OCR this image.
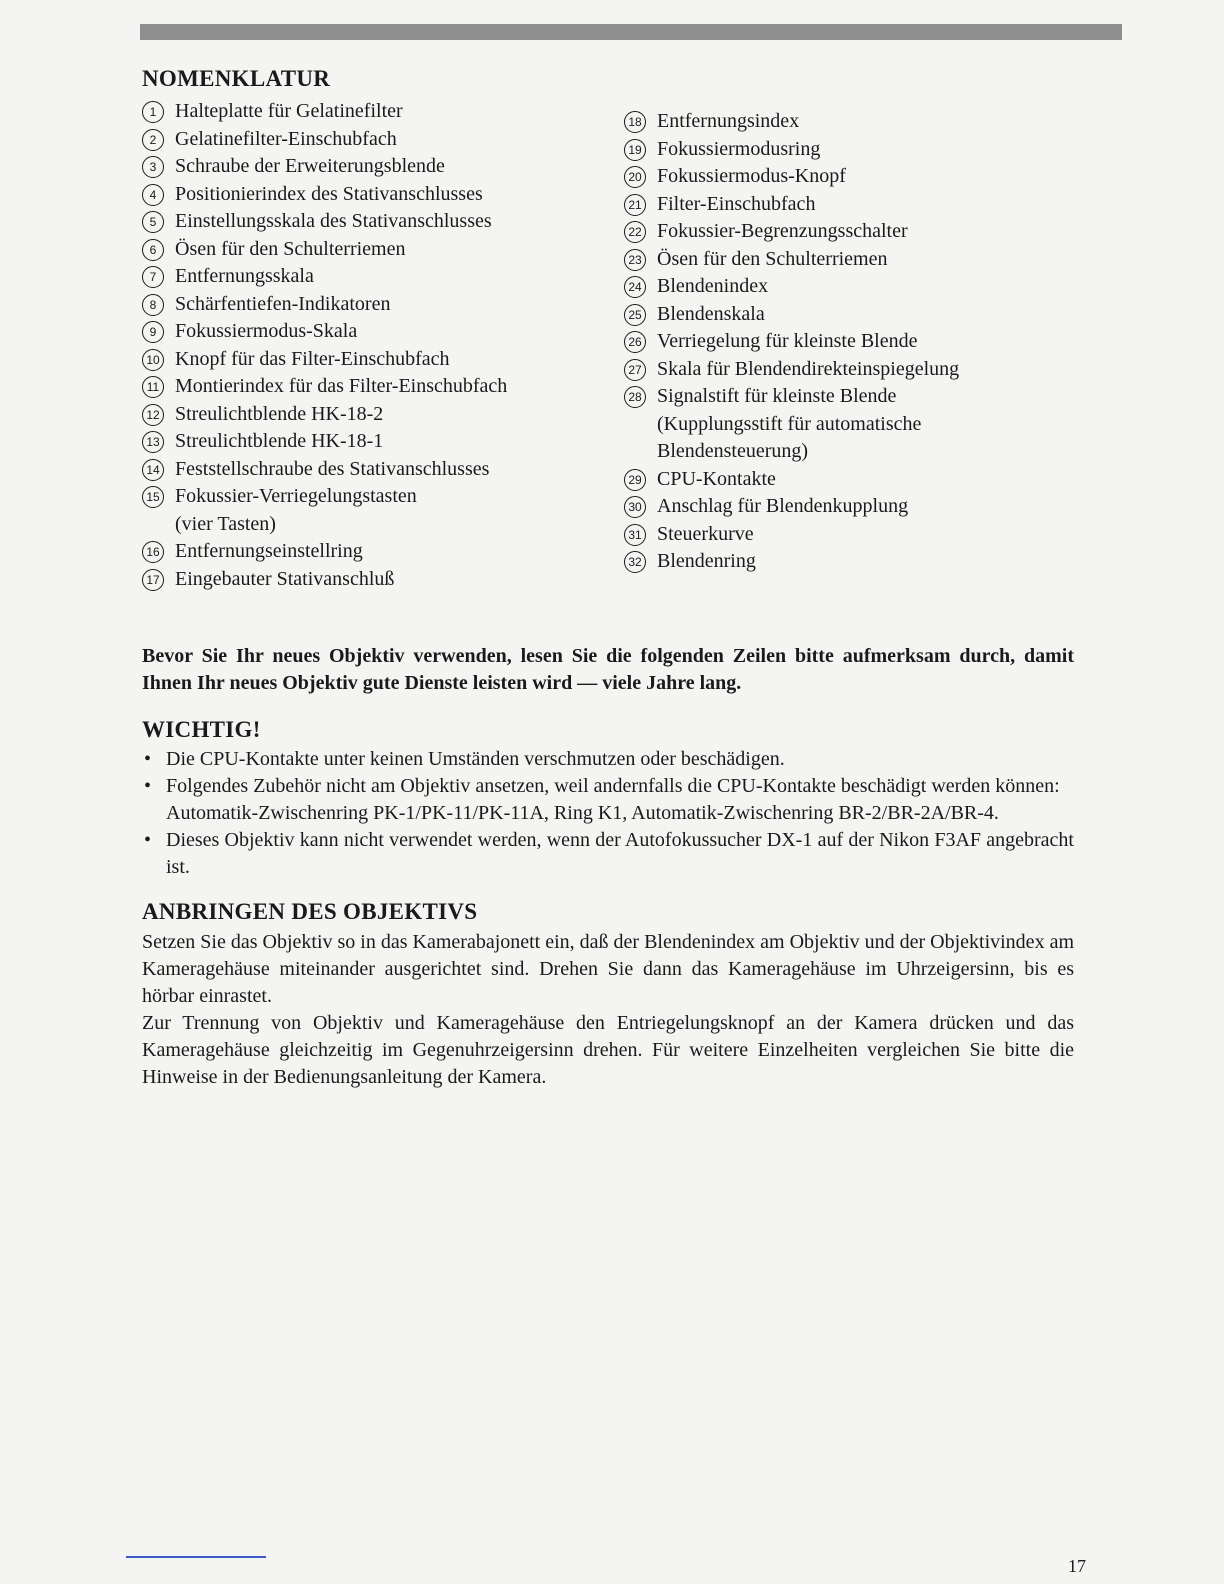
NOMENKLATUR
1 Halteplatte für Gelatinefilter
2 Gelatinefilter-Einschubfach
3 Schraube der Erweiterungsblende
4 Positionierindex des Stativanschlusses
5 Einstellungsskala des Stativanschlusses
6 Ösen für den Schulterriemen
7 Entfernungsskala
8 Schärfentiefen-Indikatoren
9 Fokussiermodus-Skala
10 Knopf für das Filter-Einschubfach
11 Montierindex für das Filter-Einschubfach
12 Streulichtblende HK-18-2
13 Streulichtblende HK-18-1
14 Feststellschraube des Stativanschlusses
15 Fokussier-Verriegelungstasten
(vier Tasten)
16 Entfernungseinstellring
17 Eingebauter Stativanschluß
18 Entfernungsindex
19 Fokussiermodusring
20 Fokussiermodus-Knopf
21 Filter-Einschubfach
22 Fokussier-Begrenzungsschalter
23 Ösen für den Schulterriemen
24 Blendenindex
25 Blendenskala
26 Verriegelung für kleinste Blende
27 Skala für Blendendirekteinspiegelung
28 Signalstift für kleinste Blende
(Kupplungsstift für automatische
Blendensteuerung)
29 CPU-Kontakte
30 Anschlag für Blendenkupplung
31 Steuerkurve
32 Blendenring
Bevor Sie Ihr neues Objektiv verwenden, lesen Sie die folgenden Zeilen bitte aufmerksam durch, damit Ihnen Ihr neues Objektiv gute Dienste leisten wird — viele Jahre lang.
WICHTIG!
• Die CPU-Kontakte unter keinen Umständen verschmutzen oder beschädigen.
• Folgendes Zubehör nicht am Objektiv ansetzen, weil andernfalls die CPU-Kontakte beschädigt werden können:
Automatik-Zwischenring PK-1/PK-11/PK-11A, Ring K1, Automatik-Zwischenring BR-2/BR-2A/BR-4.
• Dieses Objektiv kann nicht verwendet werden, wenn der Autofokussucher DX-1 auf der Nikon F3AF angebracht ist.
ANBRINGEN DES OBJEKTIVS

Setzen Sie das Objektiv so in das Kamerabajonett ein, daß der Blendenindex am Objektiv und der Objektivindex am Kameragehäuse miteinander ausgerichtet sind. Drehen Sie dann das Kameragehäuse im Uhrzeigersinn, bis es hörbar einrastet.

Zur Trennung von Objektiv und Kameragehäuse den Entriegelungsknopf an der Kamera drücken und das Kameragehäuse gleichzeitig im Gegenuhrzeigersinn drehen. Für weitere Einzelheiten vergleichen Sie bitte die Hinweise in der Bedienungsanleitung der Kamera.

17
